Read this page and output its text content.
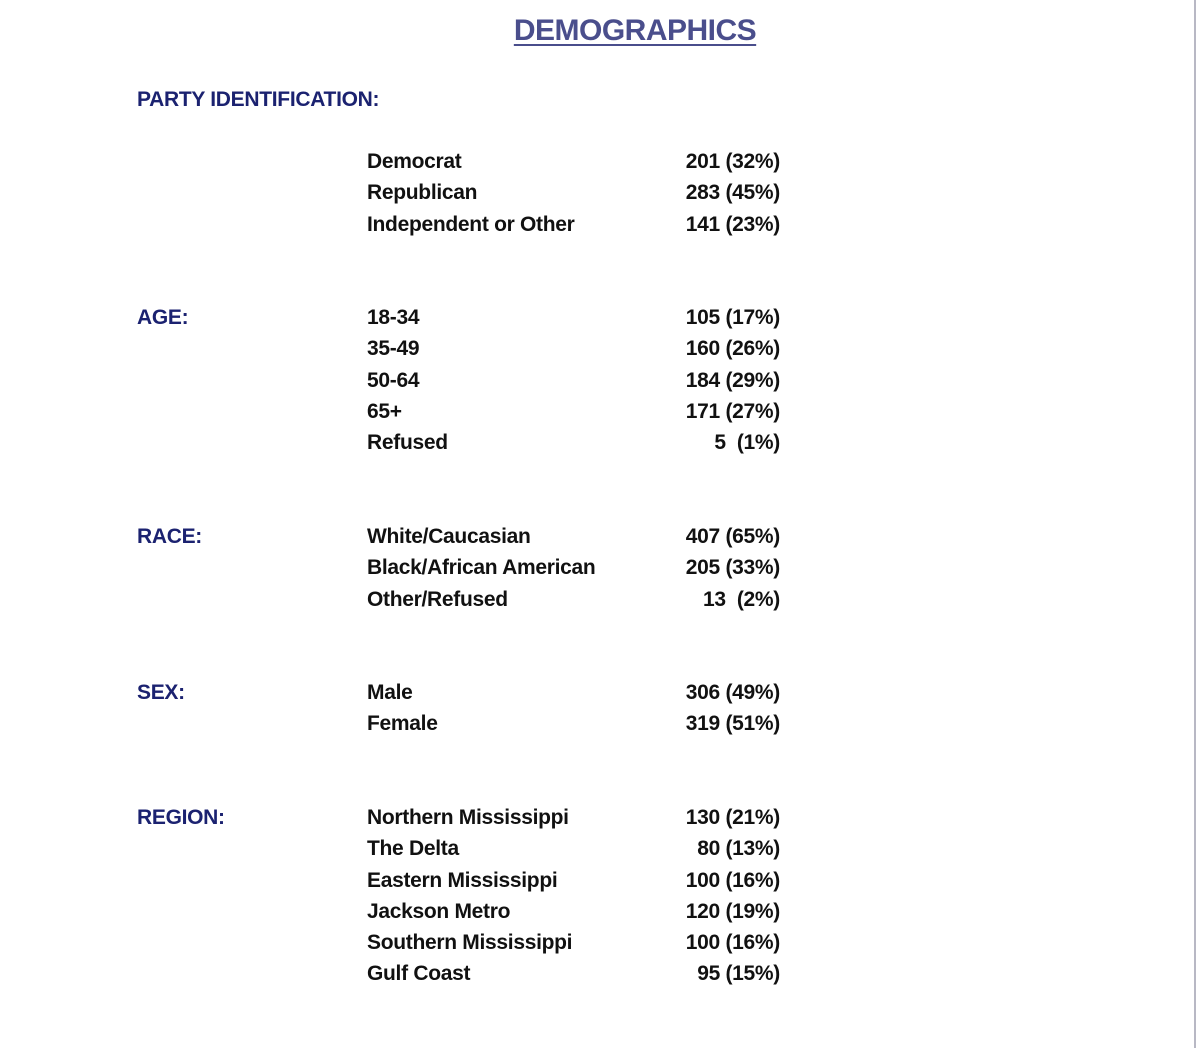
DEMOGRAPHICS
PARTY IDENTIFICATION:
Democrat	201 (32%)
Republican	283 (45%)
Independent or Other	141 (23%)
AGE:	18-34	105 (17%)
35-49	160 (26%)
50-64	184 (29%)
65+	171 (27%)
Refused	5  (1%)
RACE:	White/Caucasian	407 (65%)
Black/African American	205 (33%)
Other/Refused	13  (2%)
SEX:	Male	306 (49%)
Female	319 (51%)
REGION:	Northern Mississippi	130 (21%)
The Delta	80 (13%)
Eastern Mississippi	100 (16%)
Jackson Metro	120 (19%)
Southern Mississippi	100 (16%)
Gulf Coast	95 (15%)
